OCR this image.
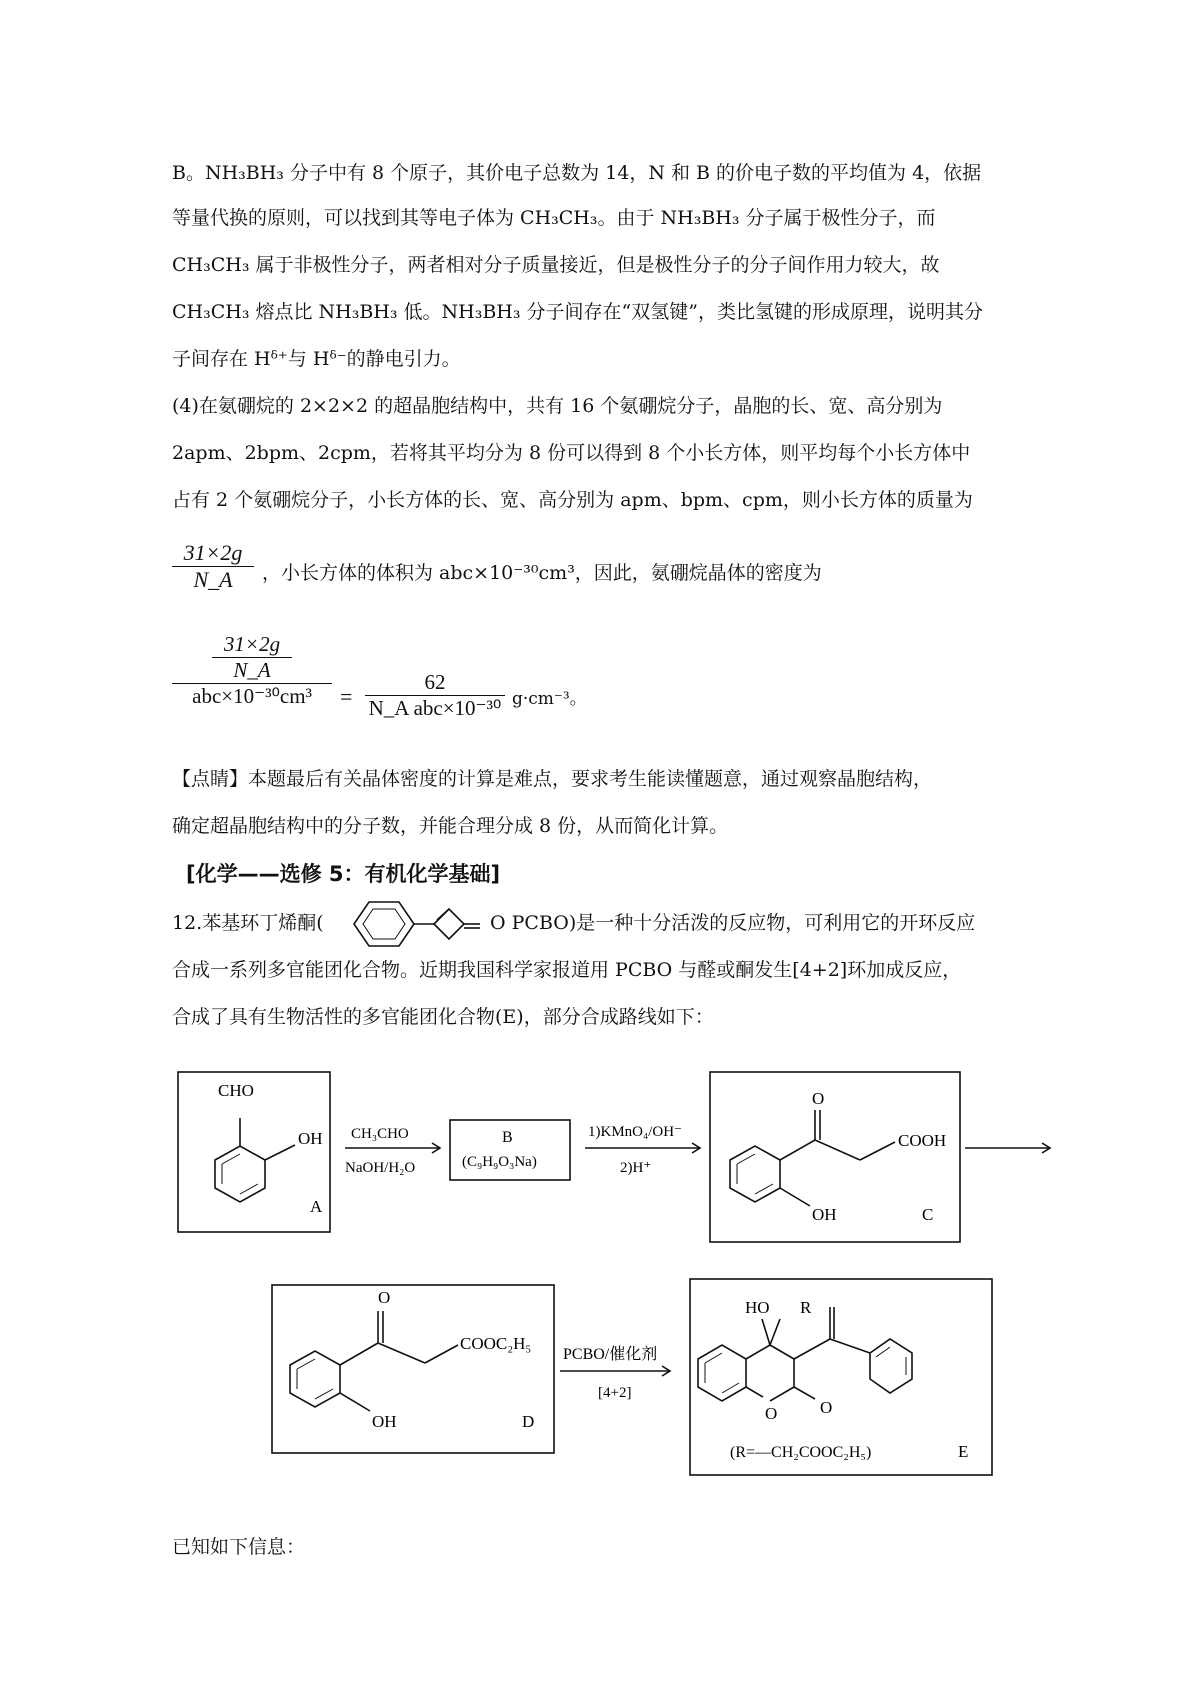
B。NH₃BH₃ 分子中有 8 个原子，其价电子总数为 14，N 和 B 的价电子数的平均值为 4，依据
等量代换的原则，可以找到其等电子体为 CH₃CH₃。由于 NH₃BH₃ 分子属于极性分子，而
CH₃CH₃ 属于非极性分子，两者相对分子质量接近，但是极性分子的分子间作用力较大，故
CH₃CH₃ 熔点比 NH₃BH₃ 低。NH₃BH₃ 分子间存在“双氢键”，类比氢键的形成原理，说明其分
子间存在 Hᵟ⁺与 Hᵟ⁻的静电引力。
(4)在氨硼烷的 2×2×2 的超晶胞结构中，共有 16 个氨硼烷分子，晶胞的长、宽、高分别为
2apm、2bpm、2cpm，若将其平均分为 8 份可以得到 8 个小长方体，则平均每个小长方体中
占有 2 个氨硼烷分子，小长方体的长、宽、高分别为 apm、bpm、cpm，则小长方体的质量为
31×2g
N_A	，小长方体的体积为 abc×10⁻³⁰cm³，因此，氨硼烷晶体的密度为
$\frac{31\times 2g}{N\_A}$
abc×10⁻³⁰cm³	=
62
N_A abc×10⁻³⁰ g·cm⁻³。
【点睛】本题最后有关晶体密度的计算是难点，要求考生能读懂题意，通过观察晶胞结构，
确定超晶胞结构中的分子数，并能合理分成 8 份，从而简化计算。
[化学——选修 5：有机化学基础]
12.苯基环丁烯酮(	O PCBO)是一种十分活泼的反应物，可利用它的开环反应
合成一系列多官能团化合物。近期我国科学家报道用 PCBO 与醛或酮发生[4+2]环加成反应，
合成了具有生物活性的多官能团化合物(E)，部分合成路线如下：
CHO
OH
A
CH₃CHO
NaOH/H₂O
B
(C₉H₉O₃Na)
1)KMnO₄/OH⁻
2)H⁺
O
COOH
OH	C
O
COOC₂H₅
OH	D
PCBO/催化剂
[4+2]
HO R
O	O
(R=—CH₂COOC₂H₅)	E
已知如下信息：
